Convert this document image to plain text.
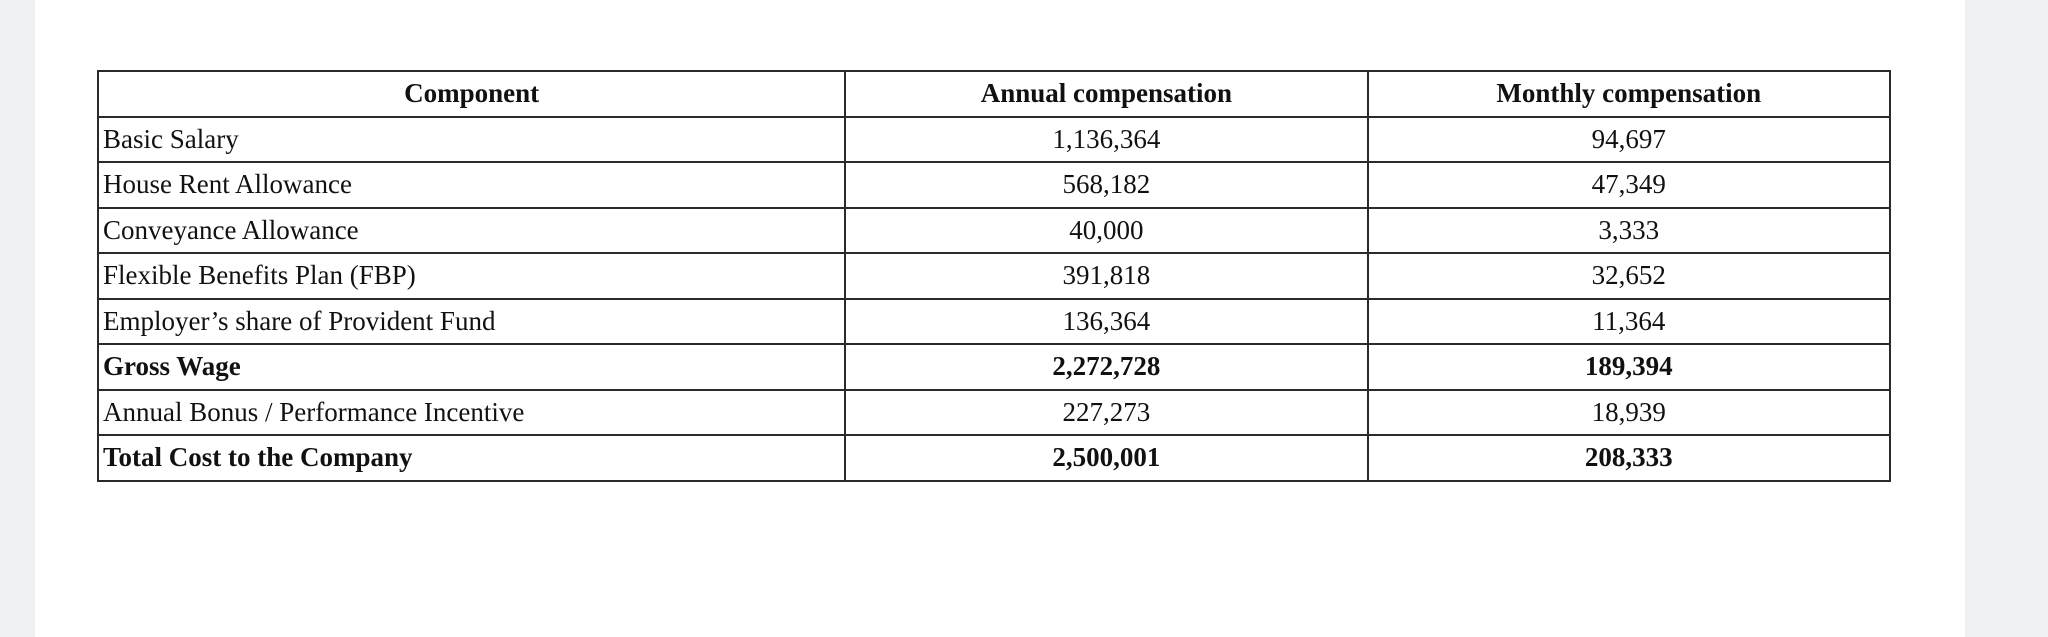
Component	Annual compensation	Monthly compensation
Basic Salary	1,136,364	94,697
House Rent Allowance	568,182	47,349
Conveyance Allowance	40,000	3,333
Flexible Benefits Plan (FBP)	391,818	32,652
Employer’s share of Provident Fund	136,364	11,364
Gross Wage	2,272,728	189,394
Annual Bonus / Performance Incentive	227,273	18,939
Total Cost to the Company	2,500,001	208,333
